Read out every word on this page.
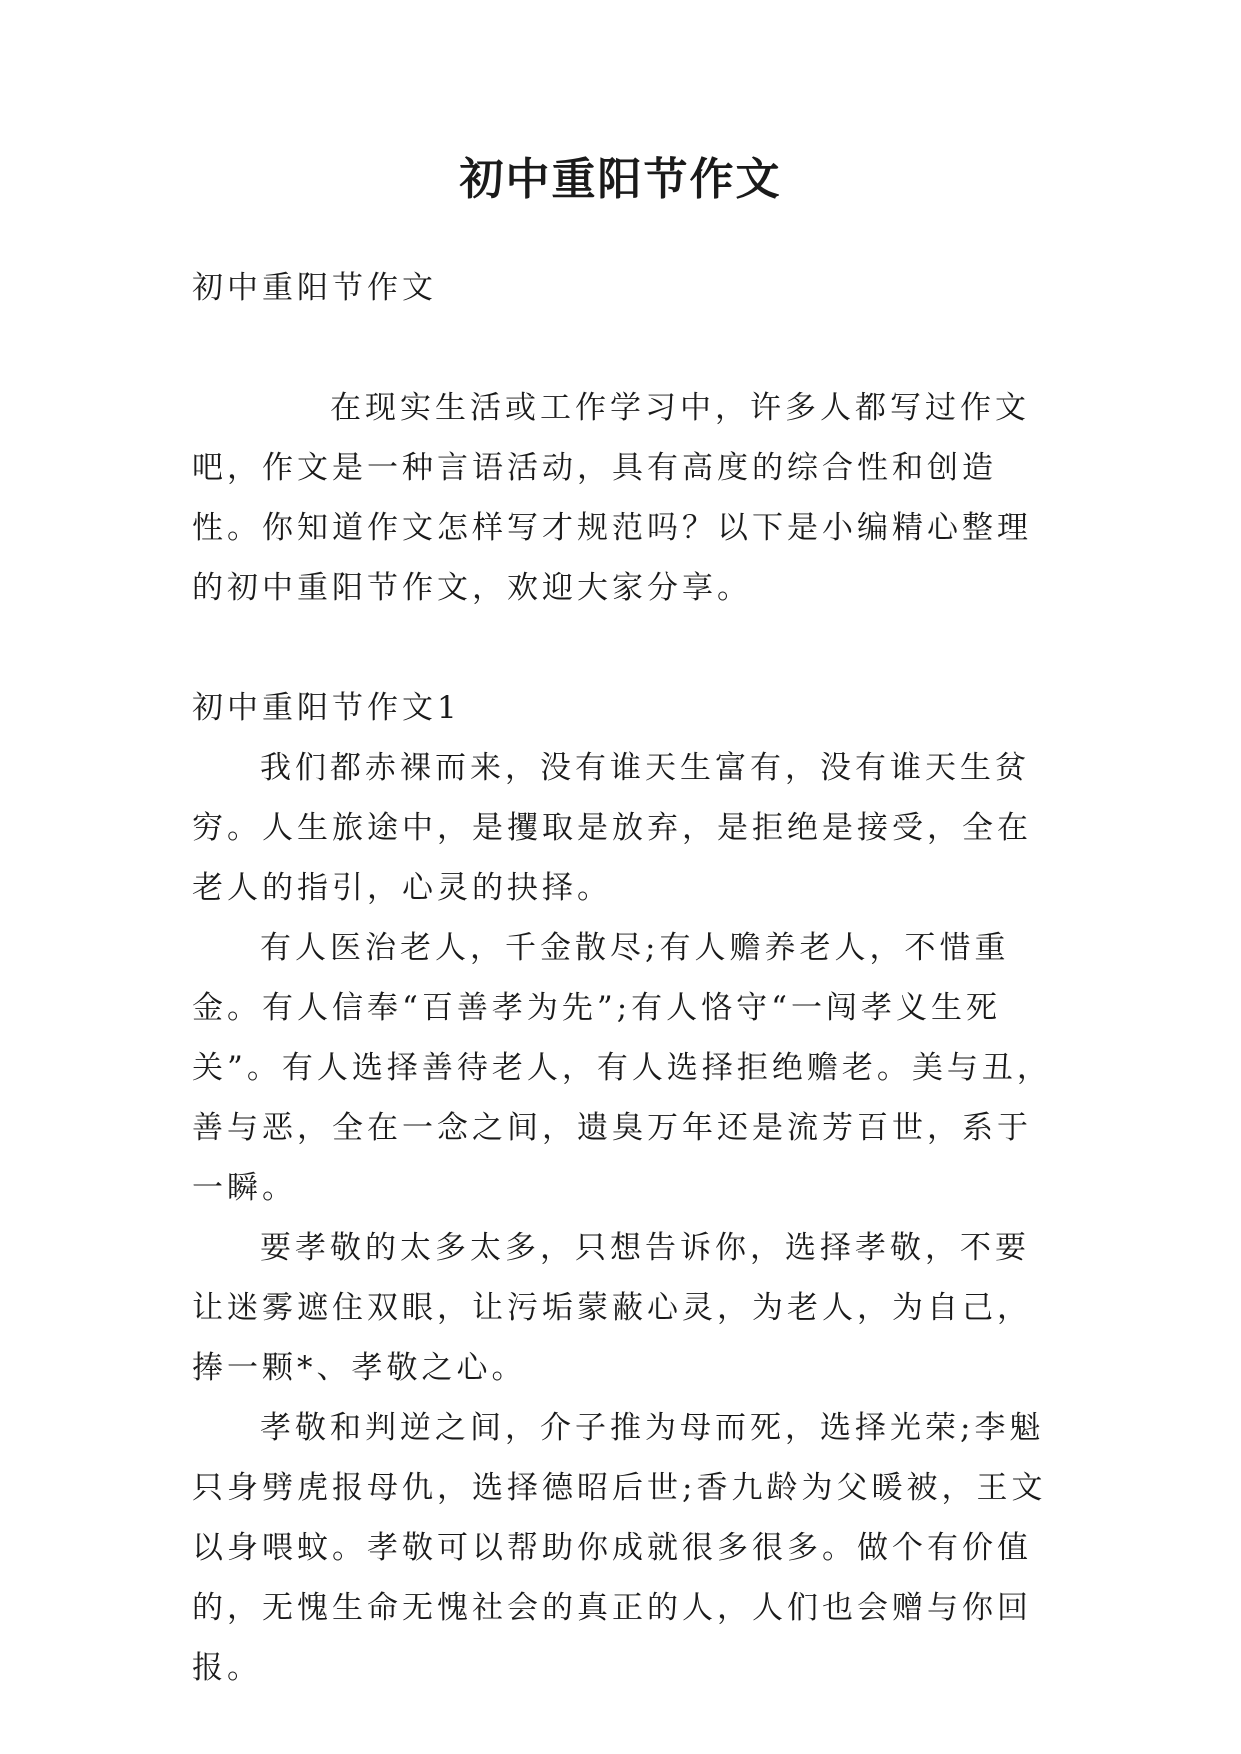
初中重阳节作文

初中重阳节作文

在现实生活或工作学习中，许多人都写过作文吧，作文是一种言语活动，具有高度的综合性和创造性。你知道作文怎样写才规范吗？以下是小编精心整理的初中重阳节作文，欢迎大家分享。

初中重阳节作文1

我们都赤裸而来，没有谁天生富有，没有谁天生贫穷。人生旅途中，是攫取是放弃，是拒绝是接受，全在老人的指引，心灵的抉择。

有人医治老人，千金散尽;有人赡养老人，不惜重金。有人信奉“百善孝为先”;有人恪守“一闯孝义生死关”。有人选择善待老人，有人选择拒绝赡老。美与丑，善与恶，全在一念之间，遗臭万年还是流芳百世，系于一瞬。

要孝敬的太多太多，只想告诉你，选择孝敬，不要让迷雾遮住双眼，让污垢蒙蔽心灵，为老人，为自己，捧一颗*、孝敬之心。

孝敬和判逆之间，介子推为母而死，选择光荣;李魁只身劈虎报母仇，选择德昭后世;香九龄为父暖被，王文以身喂蚊。孝敬可以帮助你成就很多很多。做个有价值的，无愧生命无愧社会的真正的人，人们也会赠与你回报。
